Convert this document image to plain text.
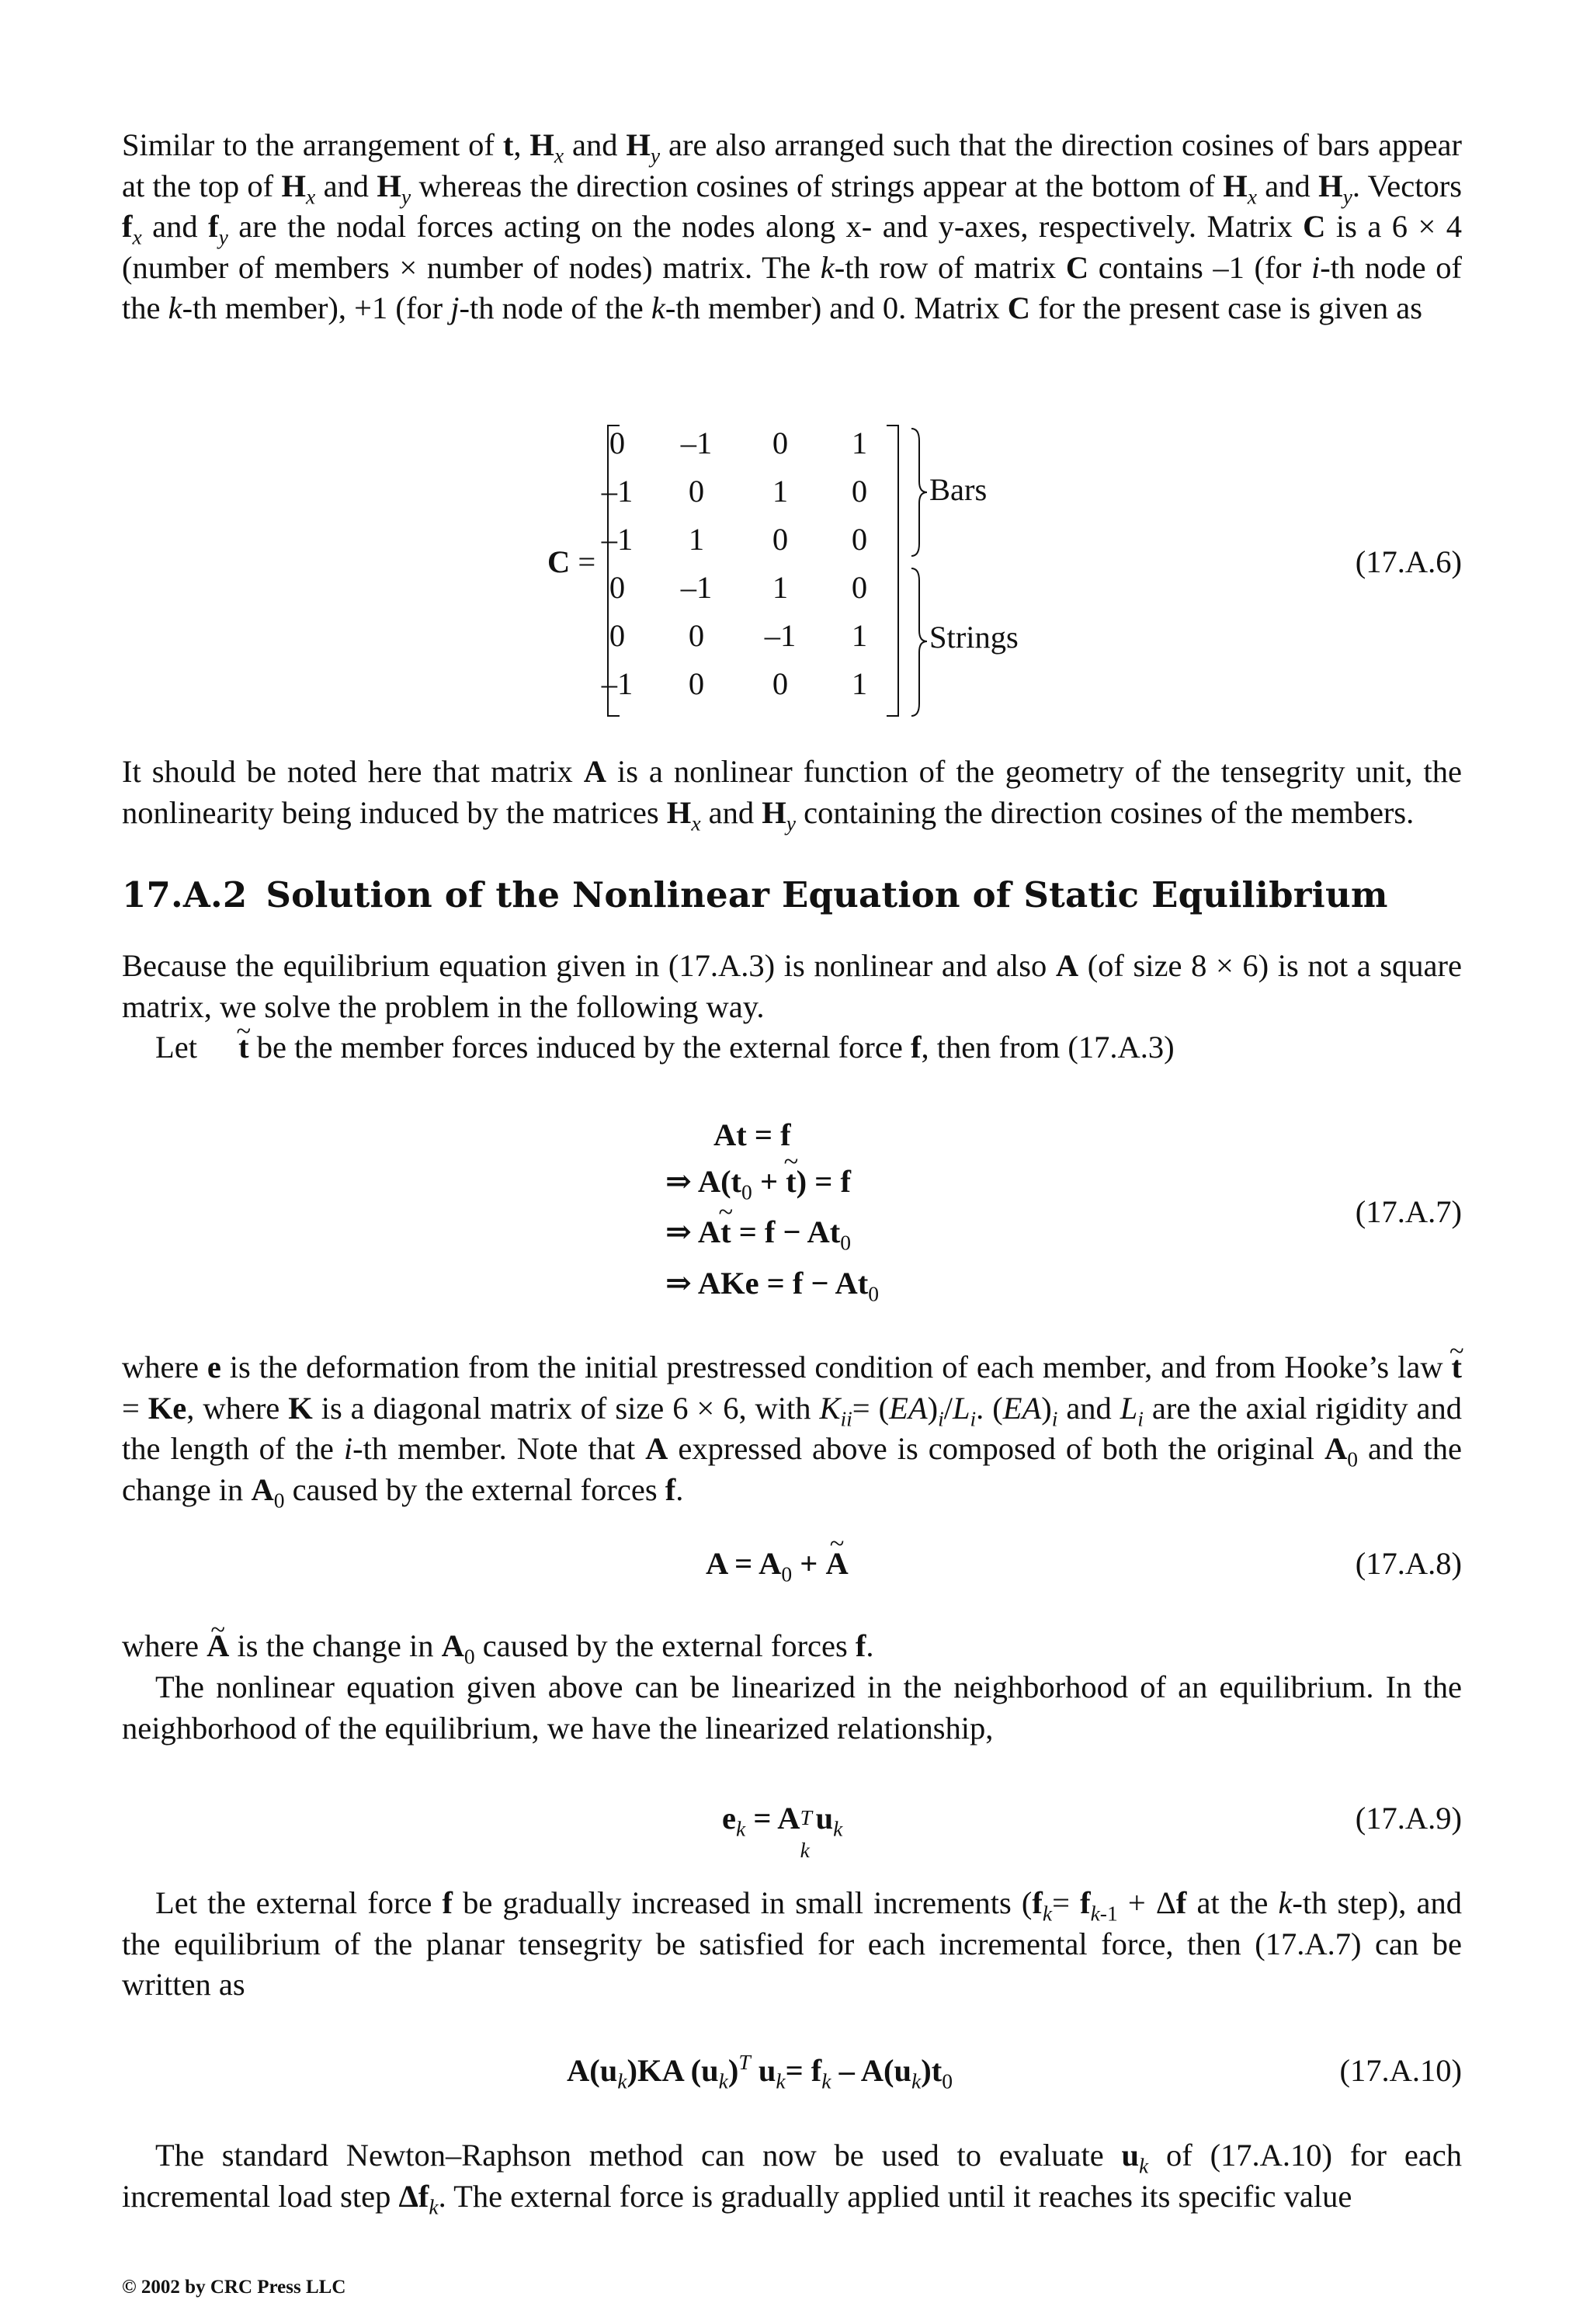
Similar to the arrangement of t, $H_x$ and $H_y$ are also arranged such that the direction cosines of bars appear at the top of $H_x$ and $H_y$ whereas the direction cosines of strings appear at the bottom of $H_x$ and $H_y$. Vectors $f_x$ and $f_y$ are the nodal forces acting on the nodes along x- and y-axes, respectively. Matrix C is a 6 × 4 (number of members × number of nodes) matrix. The k-th row of matrix C contains –1 (for i-th node of the k-th member), +1 (for j-th node of the k-th member) and 0. Matrix C for the present case is given as

C =
0	–1	0	1
–1	0	1	0
–1	1	0	0
0	–1	1	0
0	0	–1	1
–1	0	0	1
Bars
Strings
(17.A.6)

It should be noted here that matrix A is a nonlinear function of the geometry of the tensegrity unit, the nonlinearity being induced by the matrices $H_x$ and $H_y$ containing the direction cosines of the members.

17.A.2 Solution of the Nonlinear Equation of Static Equilibrium

Because the equilibrium equation given in (17.A.3) is nonlinear and also A (of size 8 × 6) is not a square matrix, we solve the problem in the following way.

Let ~ t be the member forces induced by the external force f, then from (17.A.3)

At = f
⇒ $A(t_0$ + ~ t) = f
⇒ A~ $t = f - At_0$
⇒ AKe = $f - At_0$
(17.A.7)

where e is the deformation from the initial prestressed condition of each member, and from Hooke’s law ~ t = Ke, where K is a diagonal matrix of size 6 × 6, with $K_{ii}= (EA)_i/L_i$. $(EA)_i$ and $L_i$ are the axial rigidity and the length of the i-th member. Note that A expressed above is composed of both the original $A_0$ and the change in $A_0$ caused by the external forces f.

$A = A_0$ + ~ A	(17.A.8)

where ~ A is the change in $A_0$ caused by the external forces f.

The nonlinear equation given above can be linearized in the neighborhood of an equilibrium. In the neighborhood of the equilibrium, we have the linearized relationship,

$e_k = A$ T
k
$u_k$	(17.A.9)

Let the external force f be gradually increased in small increments ($f_k= f_{k-1} + \Delta f$ at the k-th step), and the equilibrium of the planar tensegrity be satisfied for each incremental force, then (17.A.7) can be written as

$A(u_k)KA$ $(u_k)^T$ $u_k= f_k - A(u_k)t_0$	(17.A.10)

The standard Newton–Raphson method can now be used to evaluate $u_k$ of (17.A.10) for each incremental load step $\Delta f_k$. The external force is gradually applied until it reaches its specific value

© 2002 by CRC Press LLC
